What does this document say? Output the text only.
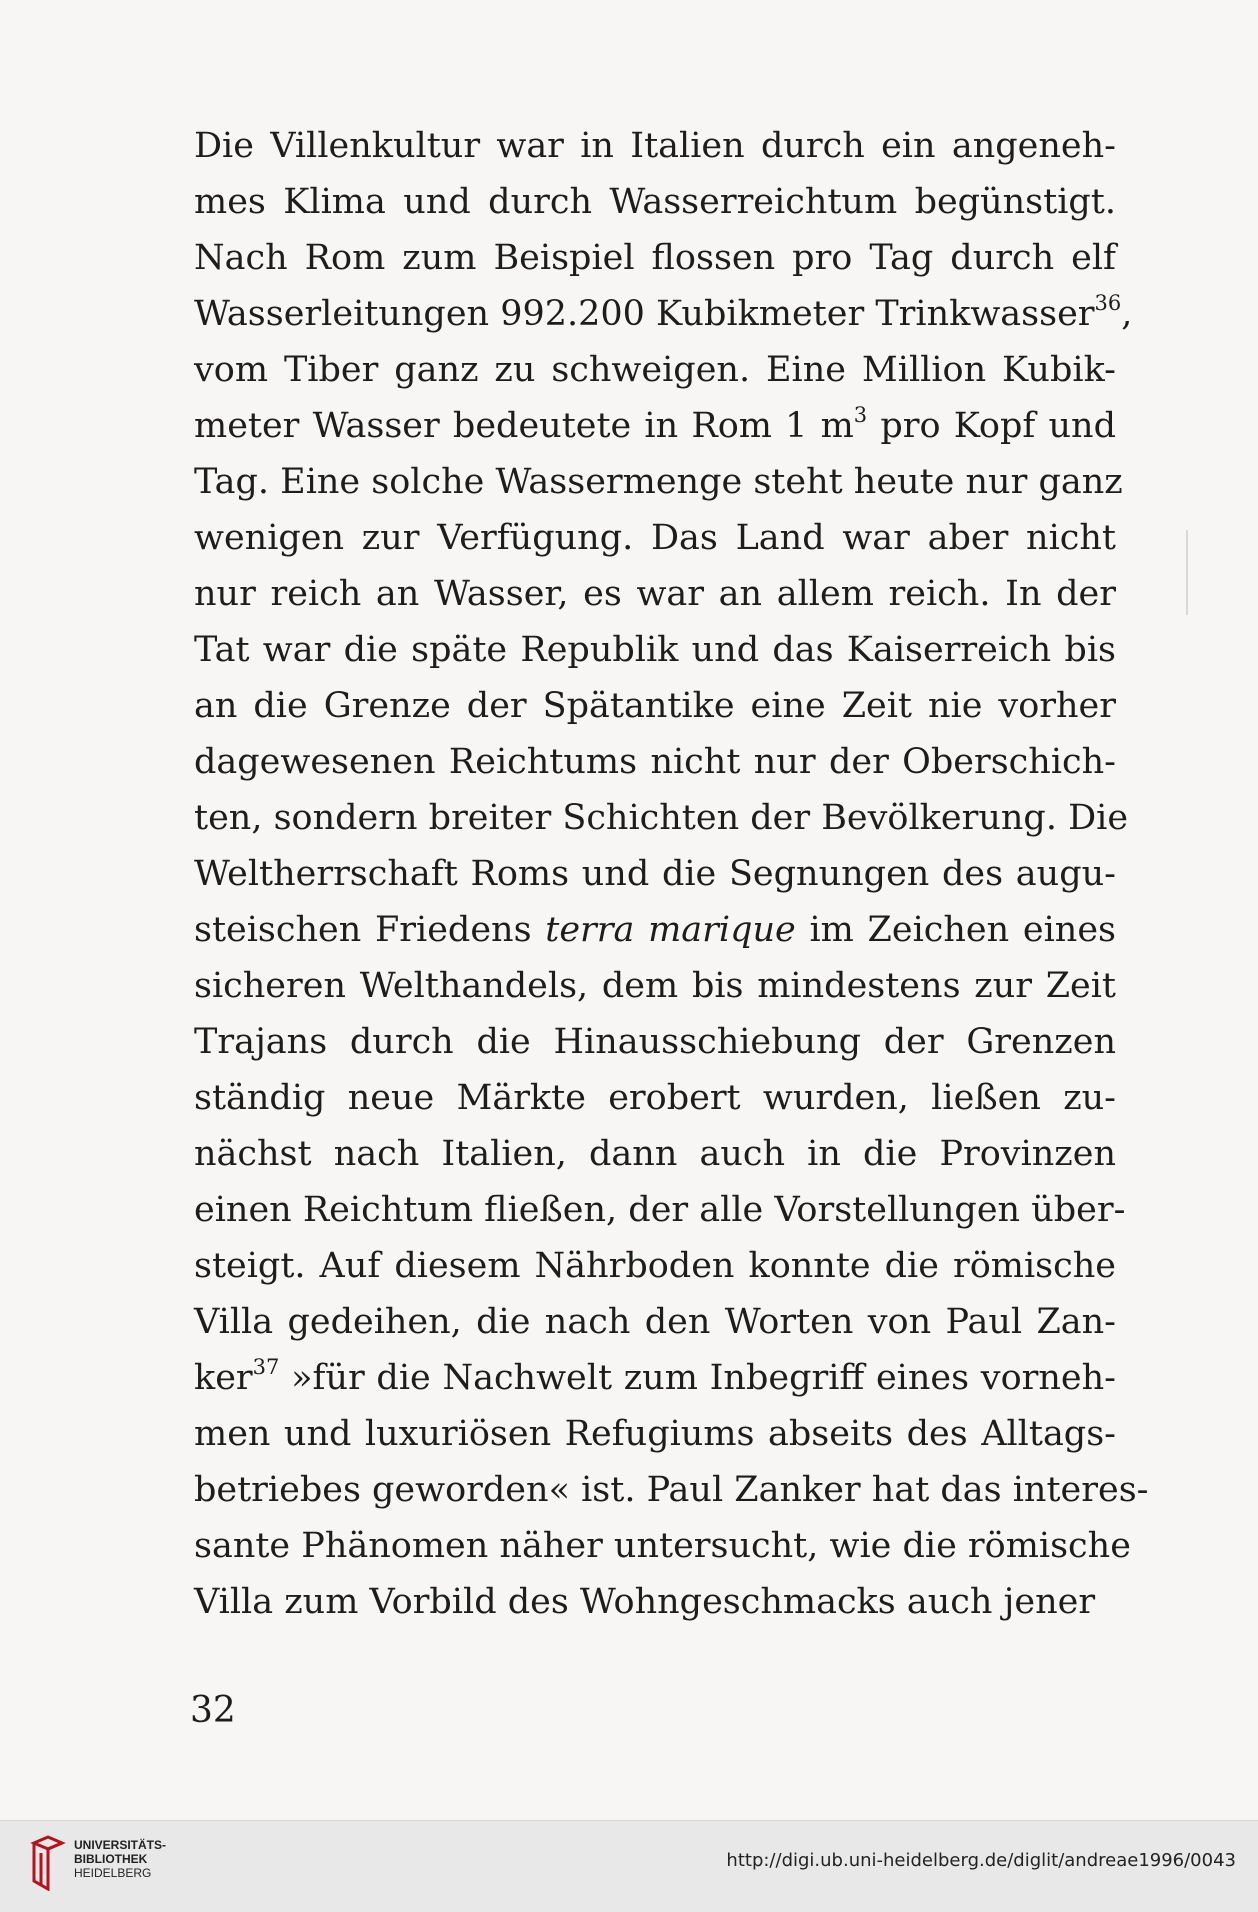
Die Villenkultur war in Italien durch ein angeneh-
mes Klima und durch Wasserreichtum begünstigt.
Nach Rom zum Beispiel flossen pro Tag durch elf
Wasserleitungen 992.200 Kubikmeter Trinkwasser$^{36}$,
vom Tiber ganz zu schweigen. Eine Million Kubik-
meter Wasser bedeutete in Rom 1 $m^3$ pro Kopf und
Tag. Eine solche Wassermenge steht heute nur ganz
wenigen zur Verfügung. Das Land war aber nicht
nur reich an Wasser, es war an allem reich. In der
Tat war die späte Republik und das Kaiserreich bis
an die Grenze der Spätantike eine Zeit nie vorher
dagewesenen Reichtums nicht nur der Oberschich-
ten, sondern breiter Schichten der Bevölkerung. Die
Weltherrschaft Roms und die Segnungen des augu-
steischen Friedens terra marique im Zeichen eines
sicheren Welthandels, dem bis mindestens zur Zeit
Trajans durch die Hinausschiebung der Grenzen
ständig neue Märkte erobert wurden, ließen zu-
nächst nach Italien, dann auch in die Provinzen
einen Reichtum fließen, der alle Vorstellungen über-
steigt. Auf diesem Nährboden konnte die römische
Villa gedeihen, die nach den Worten von Paul Zan-
ker$^{37}$ »für die Nachwelt zum Inbegriff eines vorneh-
men und luxuriösen Refugiums abseits des Alltags-
betriebes geworden« ist. Paul Zanker hat das interes-
sante Phänomen näher untersucht, wie die römische
Villa zum Vorbild des Wohngeschmacks auch jener
32
UNIVERSITÄTS-
BIBLIOTHEK
HEIDELBERG
http://digi.ub.uni-heidelberg.de/diglit/andreae1996/0043
